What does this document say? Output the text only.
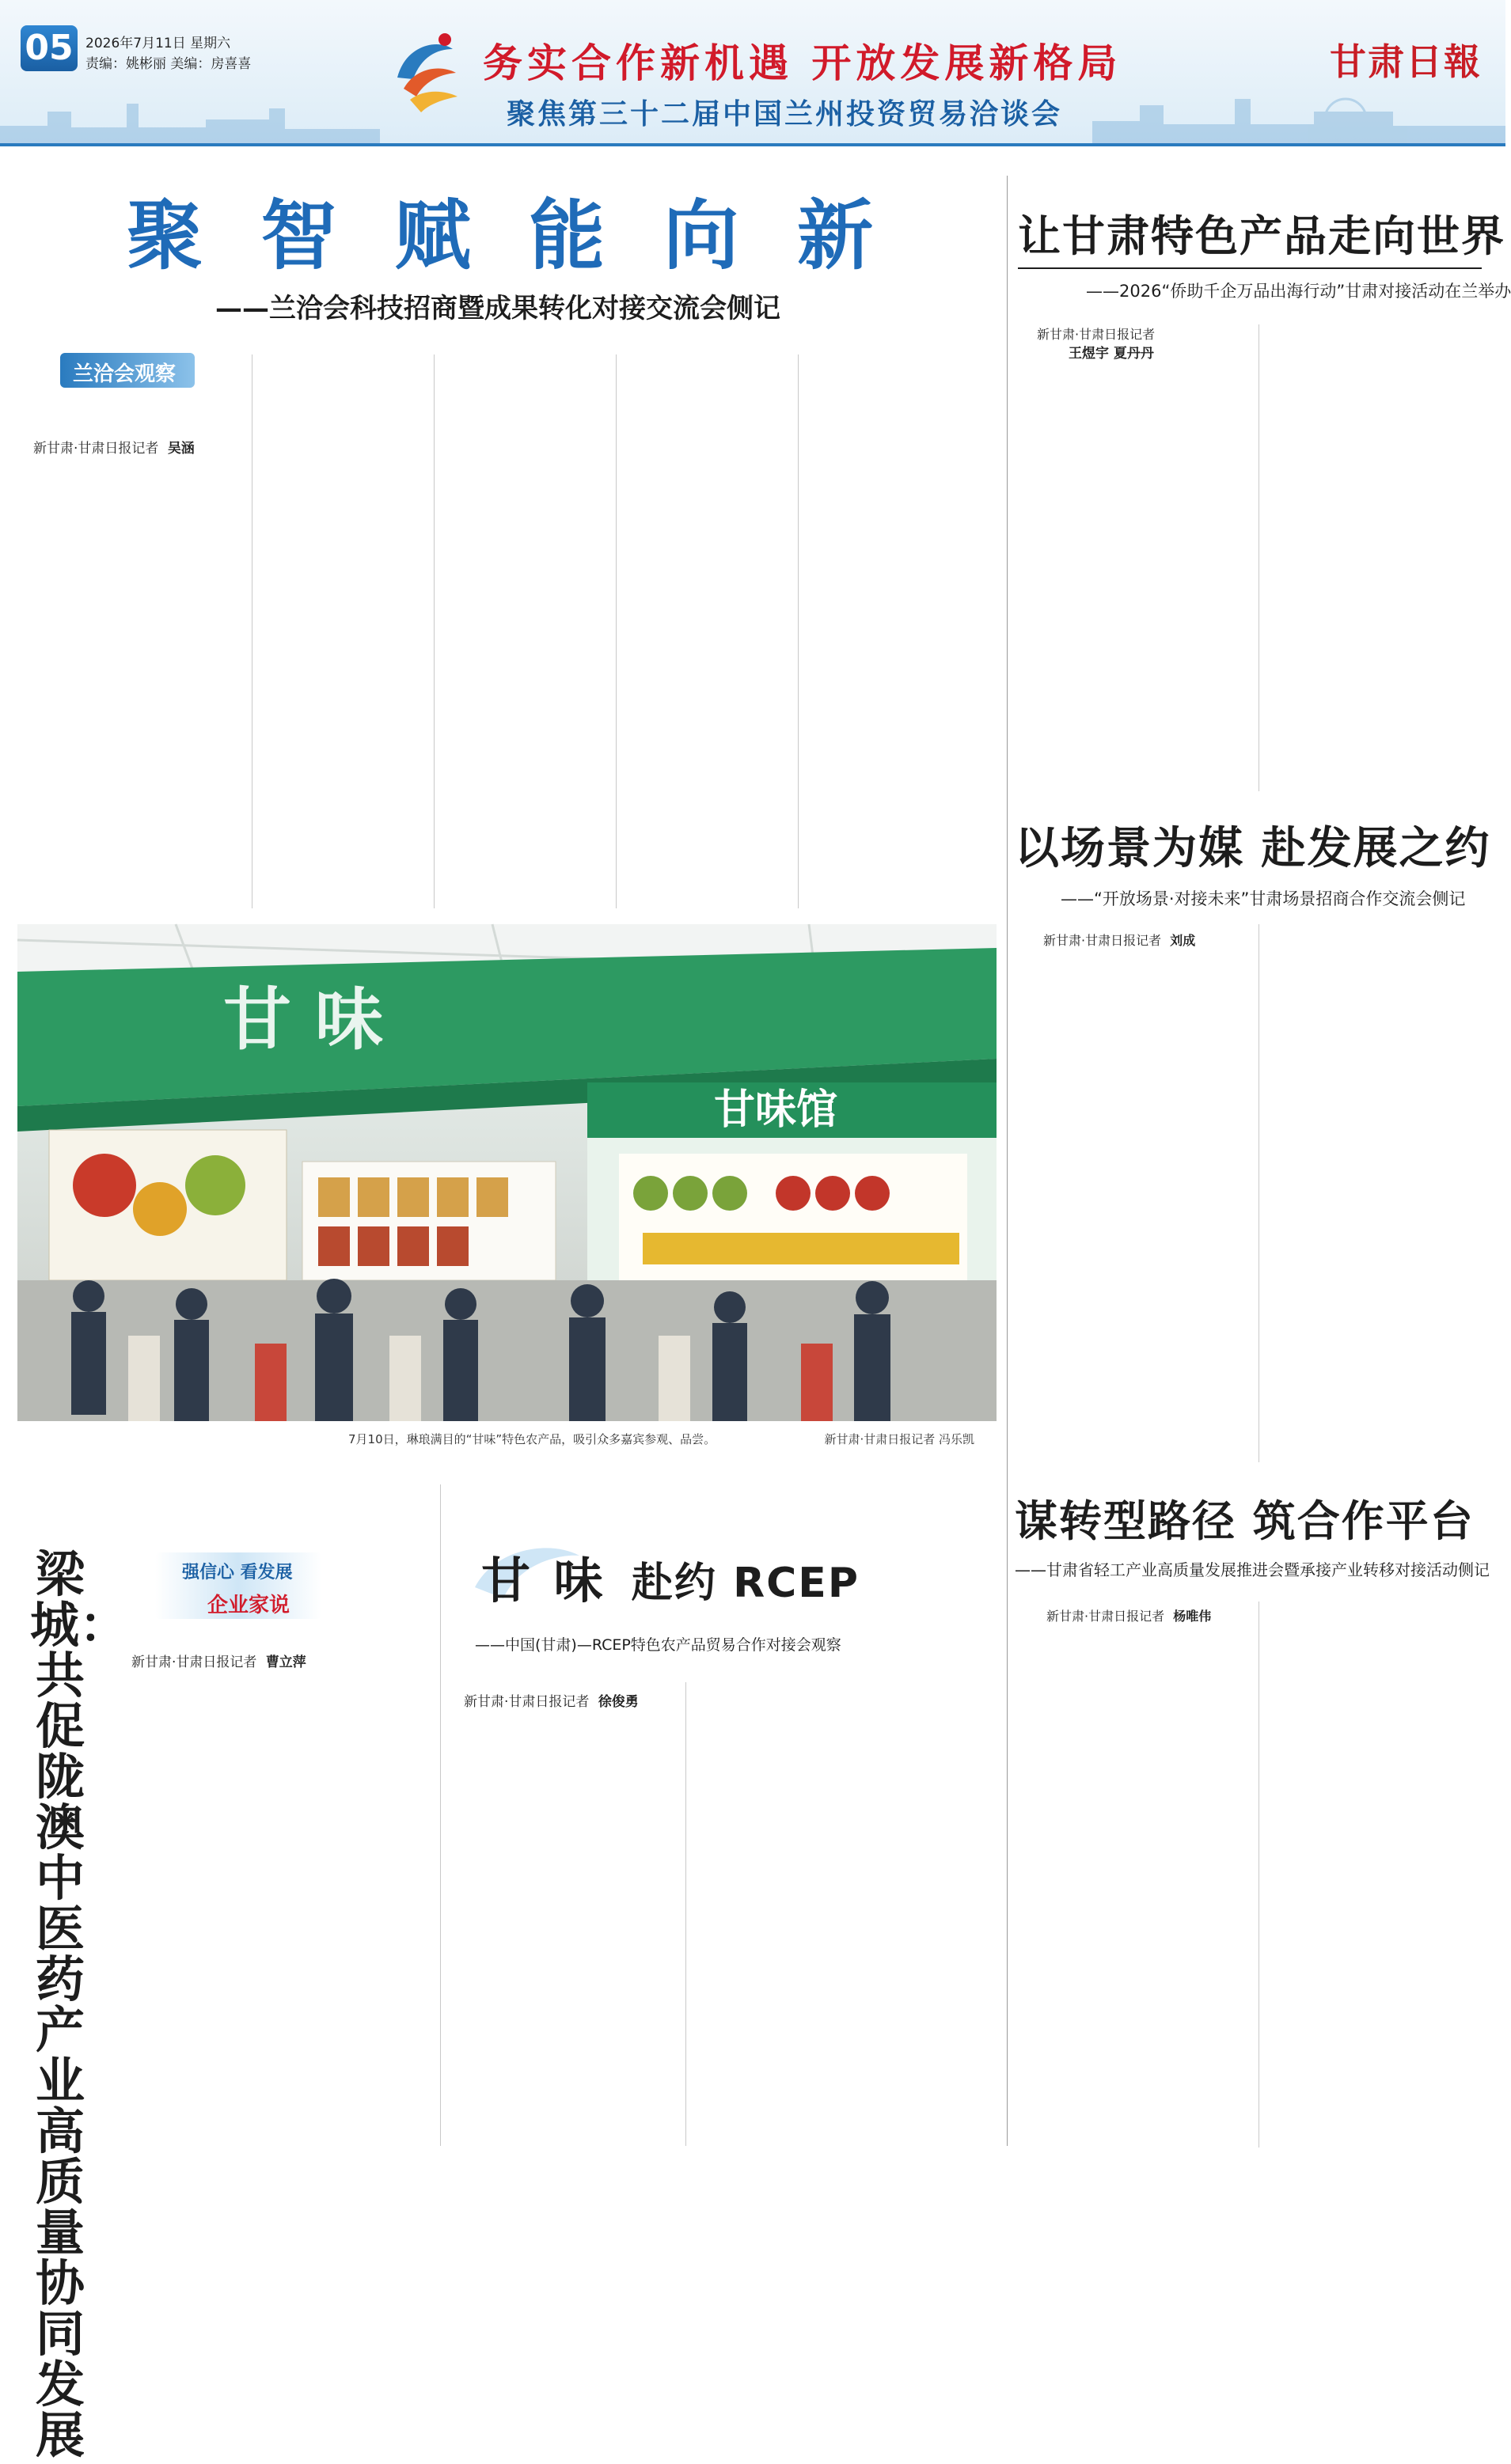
05 2026年7月11日 星期六
责编：姚彬丽 美编：房喜喜	务实合作新机遇 开放发展新格局
聚焦第三十二届中国兰州投资贸易洽谈会
甘肃日報
聚 智 赋 能 向 新
——兰洽会科技招商暨成果转化对接交流会侧记
兰洽会观察
新甘肃·甘肃日报记者 吴涵
让甘肃特色产品走向世界
——2026“侨助千企万品出海行动”甘肃对接活动在兰举办
新甘肃·甘肃日报记者
王煜宇 夏丹丹
以场景为媒 赴发展之约
——“开放场景·对接未来”甘肃场景招商合作交流会侧记
新甘肃·甘肃日报记者 刘成
谋转型路径 筑合作平台
——甘肃省轻工产业高质量发展推进会暨承接产业转移对接活动侧记
新甘肃·甘肃日报记者 杨唯伟
甘 味
甘味馆
7月10日，琳琅满目的“甘味”特色农产品，吸引众多嘉宾参观、品尝。	新甘肃·甘肃日报记者 冯乐凯
梁城：共促陇澳中医药产业高质量协同发展
强信心 看发展
企业家说
新甘肃·甘肃日报记者 曹立萍
甘 味 赴约 RCEP
——中国(甘肃)—RCEP特色农产品贸易合作对接会观察
新甘肃·甘肃日报记者 徐俊勇
